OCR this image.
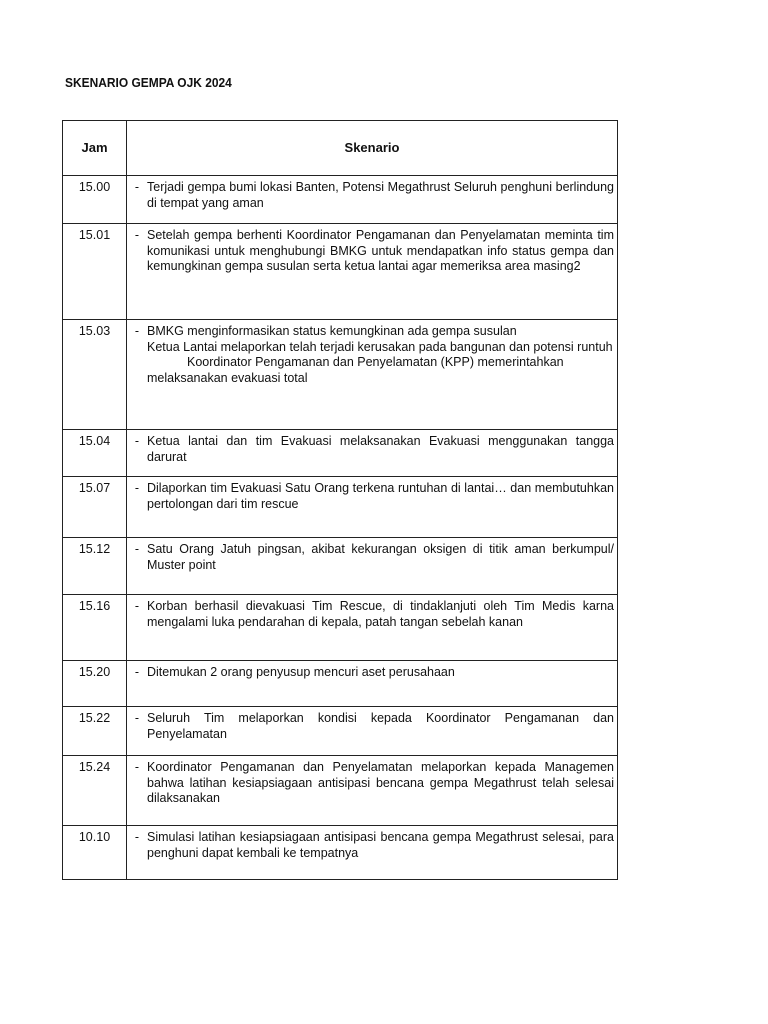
SKENARIO GEMPA OJK 2024
Jam	Skenario
15.00	- Terjadi gempa bumi lokasi Banten, Potensi Megathrust Seluruh penghuni berlindung di tempat yang aman

15.01	- Setelah gempa berhenti Koordinator Pengamanan dan Penyelamatan meminta tim komunikasi untuk menghubungi BMKG untuk mendapatkan info status gempa dan kemungkinan gempa susulan serta ketua lantai agar memeriksa area masing2

15.03	- BMKG menginformasikan status kemungkinan ada gempa susulan
Ketua Lantai melaporkan telah terjadi kerusakan pada bangunan dan potensi runtuh
Koordinator Pengamanan dan Penyelamatan (KPP) memerintahkan
melaksanakan evakuasi total

15.04	- Ketua lantai dan tim Evakuasi melaksanakan Evakuasi menggunakan tangga darurat

15.07	- Dilaporkan tim Evakuasi Satu Orang terkena runtuhan di lantai… dan membutuhkan pertolongan dari tim rescue

15.12	- Satu Orang Jatuh pingsan, akibat kekurangan oksigen di titik aman berkumpul/ Muster point

15.16	- Korban berhasil dievakuasi Tim Rescue, di tindaklanjuti oleh Tim Medis karna mengalami luka pendarahan di kepala, patah tangan sebelah kanan

15.20	- Ditemukan 2 orang penyusup mencuri aset perusahaan

15.22	- Seluruh Tim melaporkan kondisi kepada Koordinator Pengamanan dan Penyelamatan

15.24	- Koordinator Pengamanan dan Penyelamatan melaporkan kepada Managemen bahwa latihan kesiapsiagaan antisipasi bencana gempa Megathrust telah selesai dilaksanakan

10.10	- Simulasi latihan kesiapsiagaan antisipasi bencana gempa Megathrust selesai, para penghuni dapat kembali ke tempatnya
